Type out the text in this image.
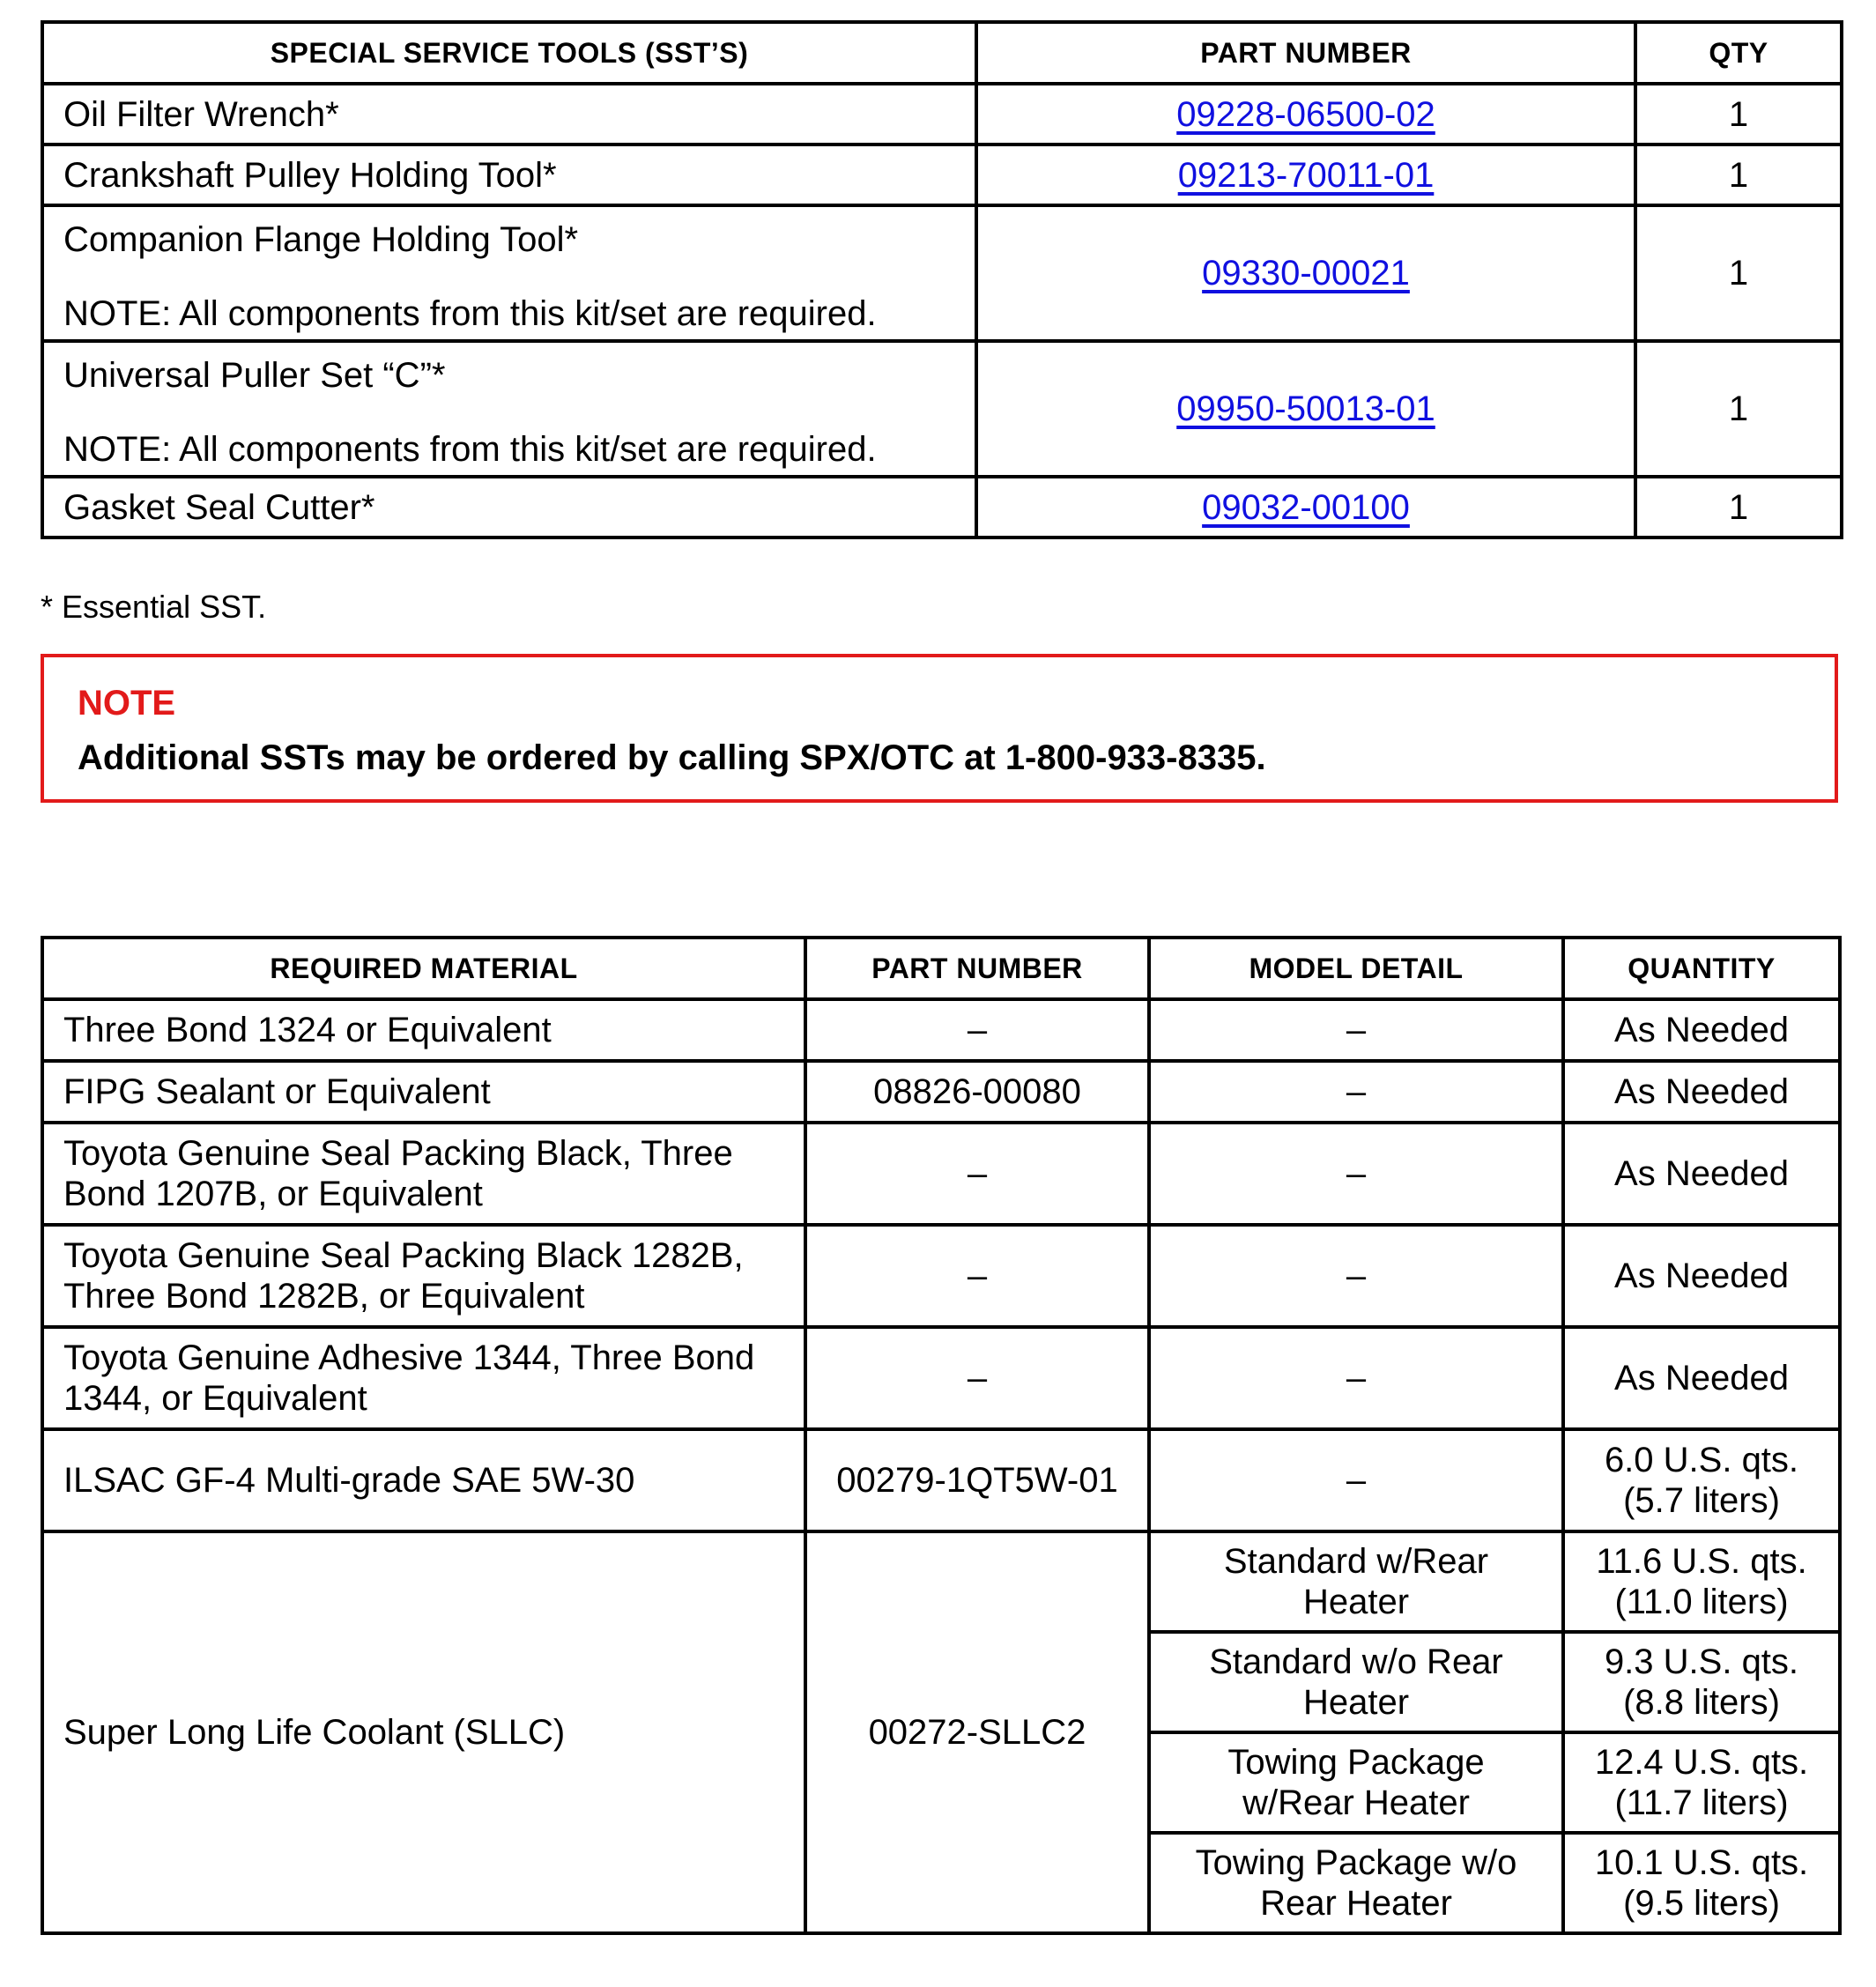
SPECIAL SERVICE TOOLS (SST’S)	PART NUMBER	QTY
Oil Filter Wrench*	09228-06500-02	1
Crankshaft Pulley Holding Tool*	09213-70011-01	1
Companion Flange Holding Tool*
NOTE: All components from this kit/set are required.	09330-00021	1
Universal Puller Set “C”*
NOTE: All components from this kit/set are required.	09950-50013-01	1
Gasket Seal Cutter*	09032-00100	1
* Essential SST.
NOTE
Additional SSTs may be ordered by calling SPX/OTC at 1-800-933-8335.
REQUIRED MATERIAL	PART NUMBER	MODEL DETAIL	QUANTITY
Three Bond 1324 or Equivalent	–	–	As Needed
FIPG Sealant or Equivalent	08826-00080	–	As Needed
Toyota Genuine Seal Packing Black, Three Bond 1207B, or Equivalent	–	–	As Needed
Toyota Genuine Seal Packing Black 1282B, Three Bond 1282B, or Equivalent	–	–	As Needed
Toyota Genuine Adhesive 1344, Three Bond 1344, or Equivalent	–	–	As Needed
ILSAC GF-4 Multi-grade SAE 5W-30	00279-1QT5W-01	–	6.0 U.S. qts. (5.7 liters)
Super Long Life Coolant (SLLC)	00272-SLLC2	Standard w/Rear Heater	11.6 U.S. qts. (11.0 liters)
		Standard w/o Rear Heater	9.3 U.S. qts. (8.8 liters)
		Towing Package w/Rear Heater	12.4 U.S. qts. (11.7 liters)
		Towing Package w/o Rear Heater	10.1 U.S. qts. (9.5 liters)
